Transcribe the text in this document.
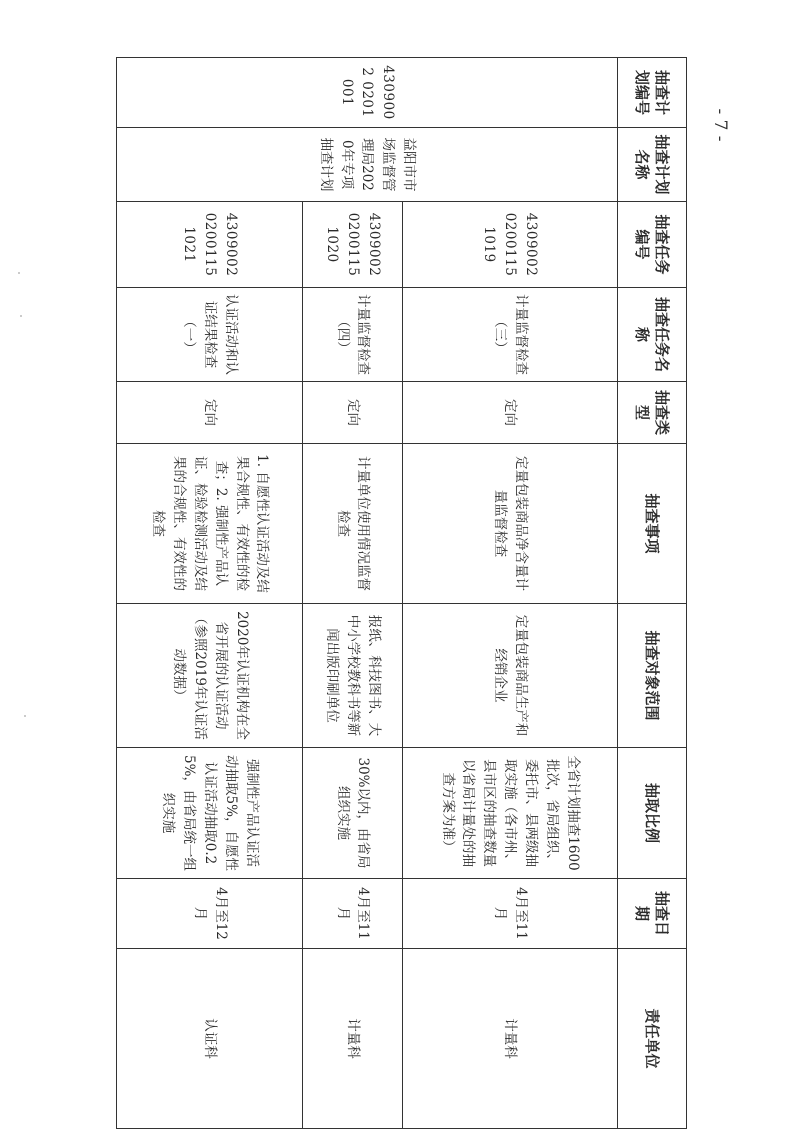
- 7 -
抽查计划编号	抽查计划名称	抽查任务编号	抽查任务名称	抽查类型	抽查事项	抽查对象范围	抽取比例	抽查日期	责任单位
4309002 0201001	益阳市市场监督管理局2020年专项抽查计划	4309002 0200115 1019	计量监督检查（三）	定向	定量包装商品净含量计量监督检查	定量包装商品生产和经销企业	全省计划抽查1600批次，省局组织、委托市、县两级抽取实施（各市州、县市区的抽查数量以省局计量处的抽查方案为准）	4月至11月	计量科
		4309002 0200115 1020	计量监督检查（四）	定向	计量单位使用情况监督检查	报纸、科技图书、大中小学校教科书等新闻出版印刷单位	30%以内，由省局组织实施	4月至11月	计量科
		4309002 0200115 1021	认证活动和认证结果检查（一）	定向	1. 自愿性认证活动及结果合规性、有效性的检查；2. 强制性产品认证、检验检测活动及结果的合规性、有效性的检查	2020年认证机构在全省开展的认证活动（参照2019年认证活动数据）	强制性产品认证活动抽取5%，自愿性认证活动抽取0.25%，由省局统一组织实施	4月至12月	认证科
